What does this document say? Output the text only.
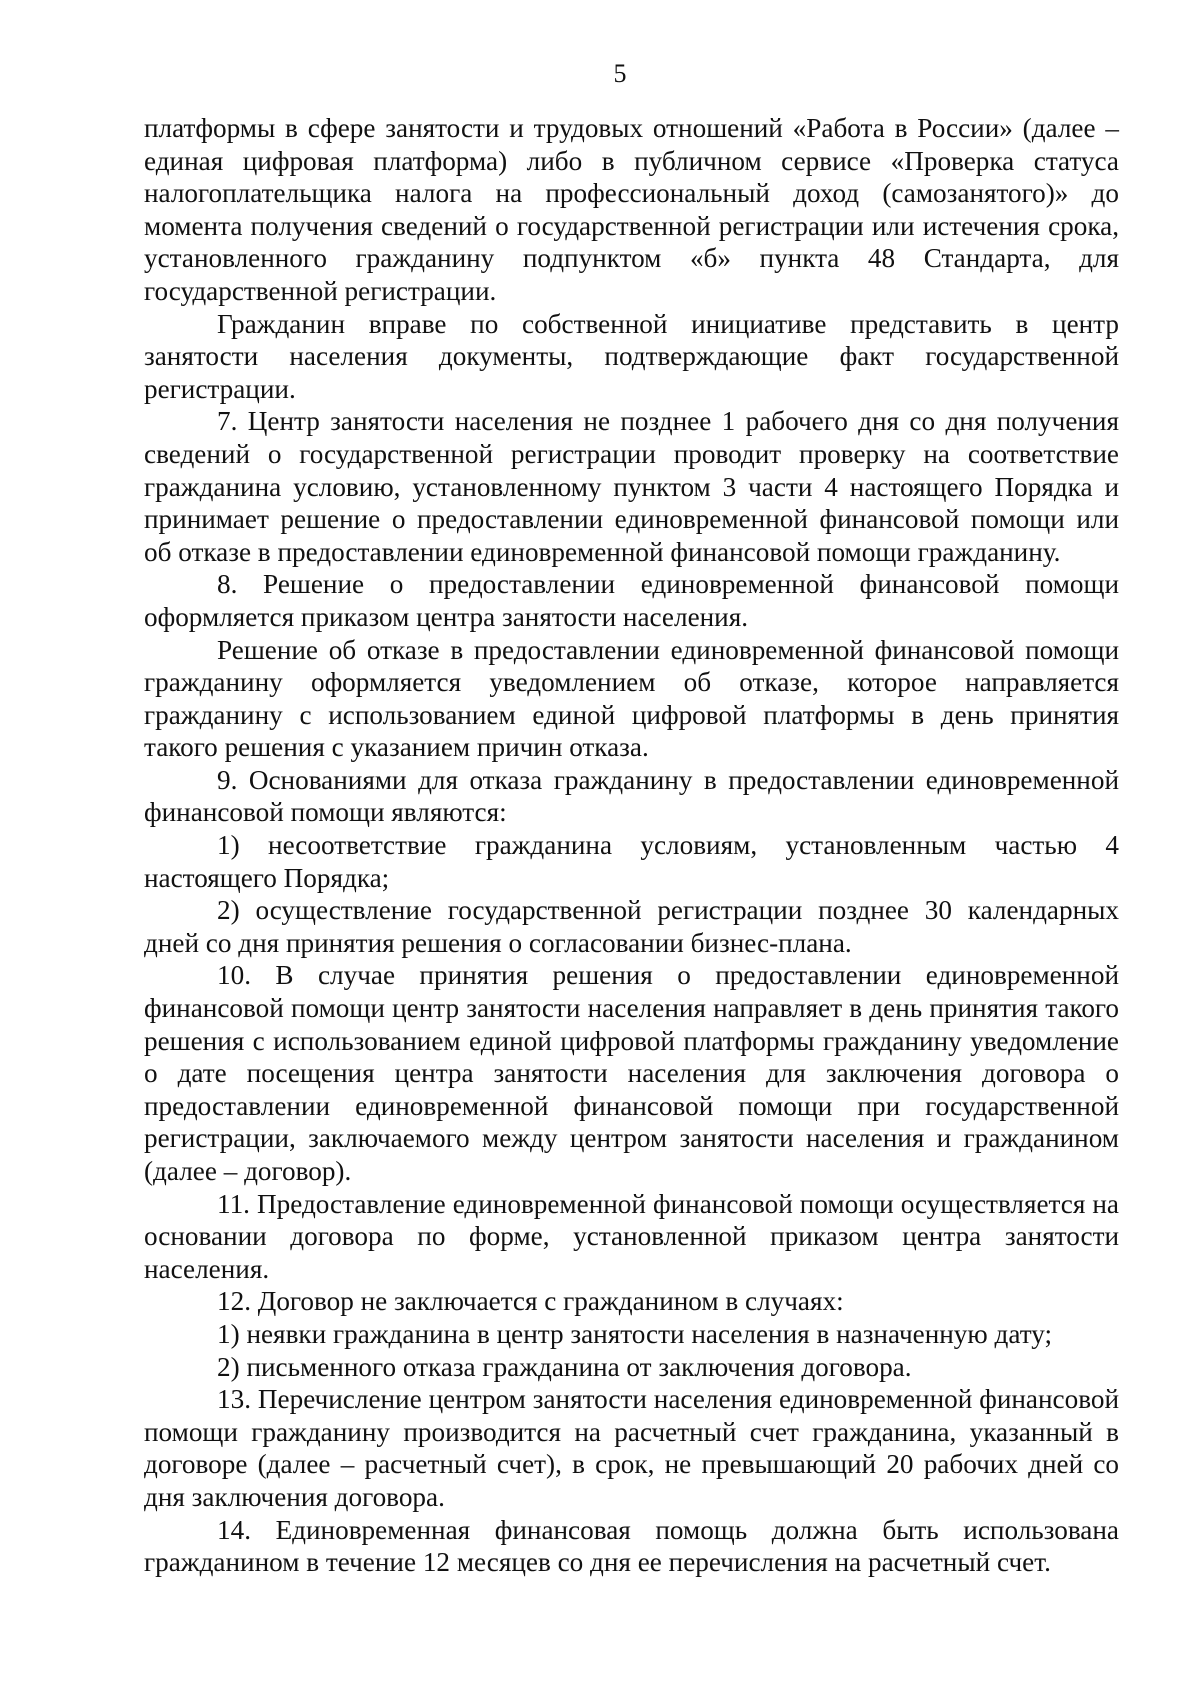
5

платформы в сфере занятости и трудовых отношений «Работа в России» (далее – единая цифровая платформа) либо в публичном сервисе «Проверка статуса налогоплательщика налога на профессиональный доход (самозанятого)» до момента получения сведений о государственной регистрации или истечения срока, установленного гражданину подпунктом «б» пункта 48 Стандарта, для государственной регистрации.

Гражданин вправе по собственной инициативе представить в центр занятости населения документы, подтверждающие факт государственной регистрации.

7. Центр занятости населения не позднее 1 рабочего дня со дня получения сведений о государственной регистрации проводит проверку на соответствие гражданина условию, установленному пунктом 3 части 4 настоящего Порядка и принимает решение о предоставлении единовременной финансовой помощи или об отказе в предоставлении единовременной финансовой помощи гражданину.

8. Решение о предоставлении единовременной финансовой помощи оформляется приказом центра занятости населения.

Решение об отказе в предоставлении единовременной финансовой помощи гражданину оформляется уведомлением об отказе, которое направляется гражданину с использованием единой цифровой платформы в день принятия такого решения с указанием причин отказа.

9. Основаниями для отказа гражданину в предоставлении единовременной финансовой помощи являются:

1) несоответствие гражданина условиям, установленным частью 4 настоящего Порядка;

2) осуществление государственной регистрации позднее 30 календарных дней со дня принятия решения о согласовании бизнес-плана.

10. В случае принятия решения о предоставлении единовременной финансовой помощи центр занятости населения направляет в день принятия такого решения с использованием единой цифровой платформы гражданину уведомление о дате посещения центра занятости населения для заключения договора о предоставлении единовременной финансовой помощи при государственной регистрации, заключаемого между центром занятости населения и гражданином (далее – договор).

11. Предоставление единовременной финансовой помощи осуществляется на основании договора по форме, установленной приказом центра занятости населения.

12. Договор не заключается с гражданином в случаях:

1) неявки гражданина в центр занятости населения в назначенную дату;

2) письменного отказа гражданина от заключения договора.

13. Перечисление центром занятости населения единовременной финансовой помощи гражданину производится на расчетный счет гражданина, указанный в договоре (далее – расчетный счет), в срок, не превышающий 20 рабочих дней со дня заключения договора.

14. Единовременная финансовая помощь должна быть использована гражданином в течение 12 месяцев со дня ее перечисления на расчетный счет.
